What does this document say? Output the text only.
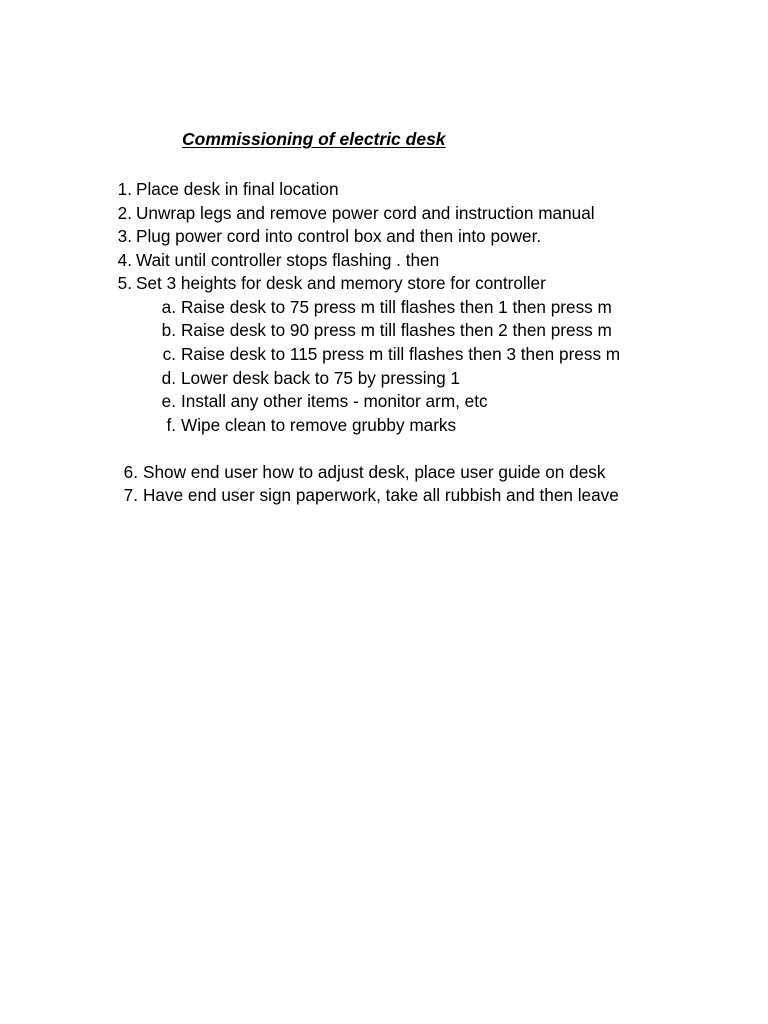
Commissioning of electric desk
1. Place desk in final location
2. Unwrap legs and remove power cord and instruction manual
3. Plug power cord into control box and then into power.
4. Wait until controller stops flashing . then
5. Set 3 heights for desk and memory store for controller
a. Raise desk to 75 press m till flashes then 1 then press m
b. Raise desk to 90 press m till flashes then 2 then press m
c. Raise desk to 115 press m till flashes then 3 then press m
d. Lower desk back to 75 by pressing 1
e. Install any other items - monitor arm, etc
f. Wipe clean to remove grubby marks
6. Show end user how to adjust desk, place user guide on desk
7. Have end user sign paperwork, take all rubbish and then leave
